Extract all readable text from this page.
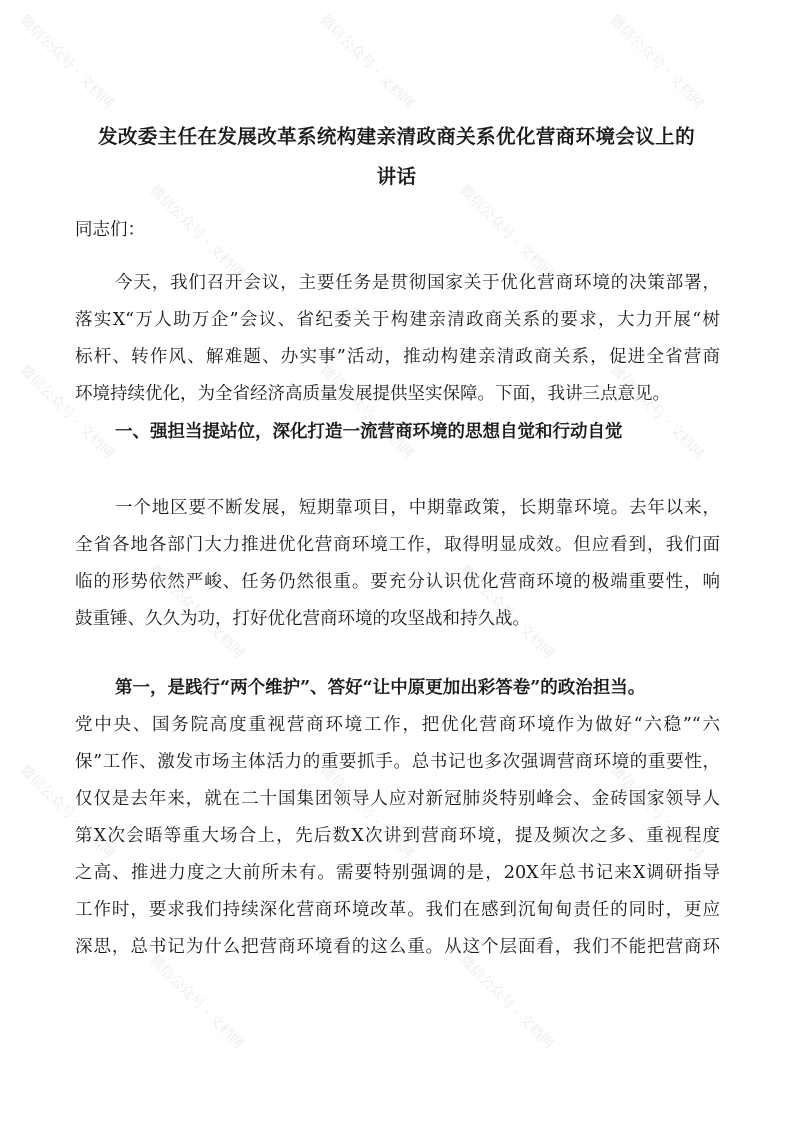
发改委主任在发展改革系统构建亲清政商关系优化营商环境会议上的
讲话
同志们：
今天，我们召开会议，主要任务是贯彻国家关于优化营商环境的决策部署，
落实X“万人助万企”会议、省纪委关于构建亲清政商关系的要求，大力开展“树
标杆、转作风、解难题、办实事”活动，推动构建亲清政商关系，促进全省营商
环境持续优化，为全省经济高质量发展提供坚实保障。下面，我讲三点意见。
一、强担当提站位，深化打造一流营商环境的思想自觉和行动自觉
一个地区要不断发展，短期靠项目，中期靠政策，长期靠环境。去年以来，
全省各地各部门大力推进优化营商环境工作，取得明显成效。但应看到，我们面
临的形势依然严峻、任务仍然很重。要充分认识优化营商环境的极端重要性，响
鼓重锤、久久为功，打好优化营商环境的攻坚战和持久战。
第一，是践行“两个维护”、答好“让中原更加出彩答卷”的政治担当。
党中央、国务院高度重视营商环境工作，把优化营商环境作为做好“六稳”“六
保”工作、激发市场主体活力的重要抓手。总书记也多次强调营商环境的重要性，
仅仅是去年来，就在二十国集团领导人应对新冠肺炎特别峰会、金砖国家领导人
第X次会晤等重大场合上，先后数X次讲到营商环境，提及频次之多、重视程度
之高、推进力度之大前所未有。需要特别强调的是，20X年总书记来X调研指导
工作时，要求我们持续深化营商环境改革。我们在感到沉甸甸责任的同时，更应
深思，总书记为什么把营商环境看的这么重。从这个层面看，我们不能把营商环
微信公众号 · 文档网	微信公众号 · 文档网	微信公众号 · 文档网
微信公众号 · 文档网	微信公众号 · 文档网
微信公众号 · 文档网	微信公众号 · 文档网	微信公众号 · 文档网
微信公众号 · 文档网	微信公众号 · 文档网
微信公众号 · 文档网	微信公众号 · 文档网	微信公众号 · 文档网
微信公众号 · 文档网	微信公众号 · 文档网
